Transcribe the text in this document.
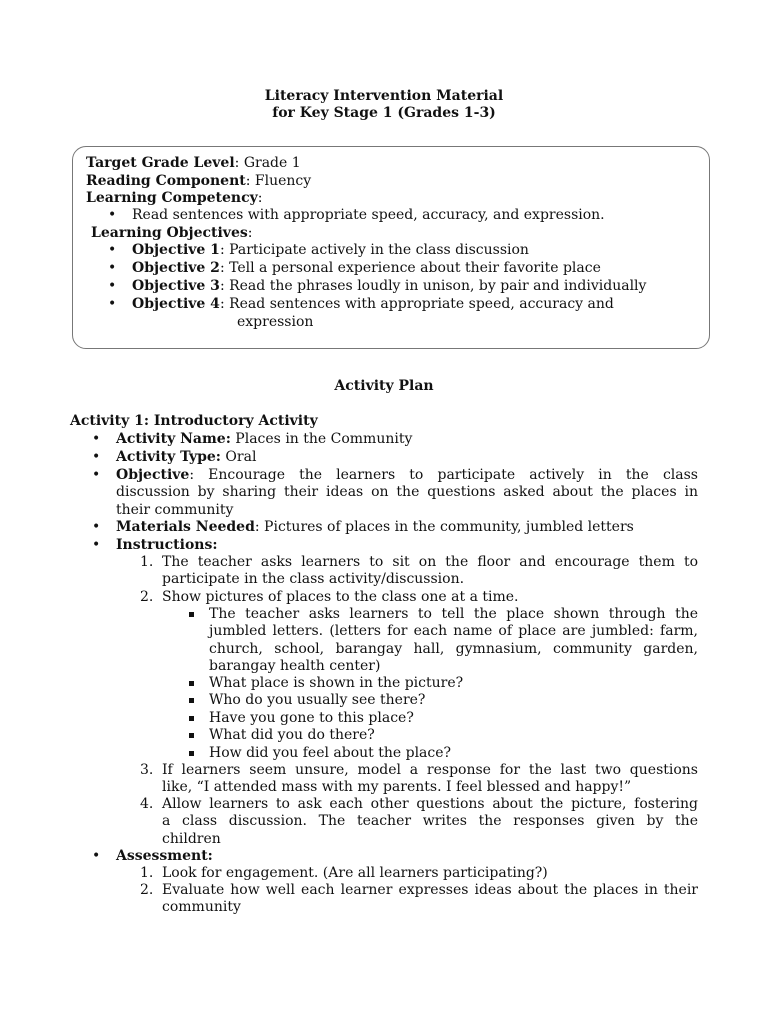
Literacy Intervention Material
for Key Stage 1 (Grades 1-3)
Target Grade Level: Grade 1
Reading Component: Fluency
Learning Competency:
• Read sentences with appropriate speed, accuracy, and expression.
Learning Objectives:
• Objective 1: Participate actively in the class discussion
• Objective 2: Tell a personal experience about their favorite place
• Objective 3: Read the phrases loudly in unison, by pair and individually
• Objective 4: Read sentences with appropriate speed, accuracy and
expression
Activity Plan
Activity 1: Introductory Activity
• Activity Name: Places in the Community
• Activity Type: Oral
• Objective: Encourage the learners to participate actively in the class
discussion by sharing their ideas on the questions asked about the places in
their community
• Materials Needed: Pictures of places in the community, jumbled letters
• Instructions:
1. The teacher asks learners to sit on the floor and encourage them to
participate in the class activity/discussion.
2. Show pictures of places to the class one at a time.
The teacher asks learners to tell the place shown through the
jumbled letters. (letters for each name of place are jumbled: farm,
church, school, barangay hall, gymnasium, community garden,
barangay health center)
What place is shown in the picture?
Who do you usually see there?
Have you gone to this place?
What did you do there?
How did you feel about the place?
3. If learners seem unsure, model a response for the last two questions
like, “I attended mass with my parents. I feel blessed and happy!”
4. Allow learners to ask each other questions about the picture, fostering
a class discussion. The teacher writes the responses given by the
children
• Assessment:
1. Look for engagement. (Are all learners participating?)
2. Evaluate how well each learner expresses ideas about the places in their
community
